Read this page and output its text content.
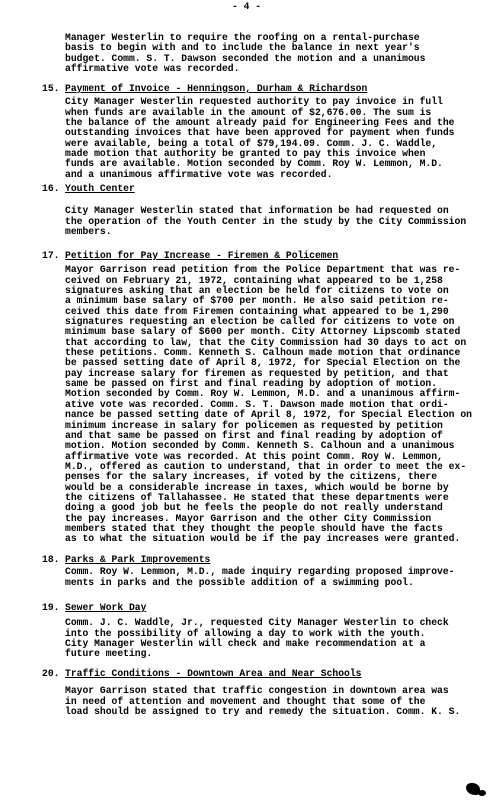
- 4 -
Manager Westerlin to require the roofing on a rental-purchase
basis to begin with and to include the balance in next year's
budget. Comm. S. T. Dawson seconded the motion and a unanimous
affirmative vote was recorded.
15. Payment of Invoice - Henningson, Durham & Richardson
City Manager Westerlin requested authority to pay invoice in full
when funds are available in the amount of $2,676.00. The sum is
the balance of the amount already paid for Engineering Fees and the
outstanding invoices that have been approved for payment when funds
were available, being a total of $79,194.09. Comm. J. C. Waddle,
made motion that authority be granted to pay this invoice when
funds are available. Motion seconded by Comm. Roy W. Lemmon, M.D.
and a unanimous affirmative vote was recorded.
16. Youth Center
City Manager Westerlin stated that information be had requested on
the operation of the Youth Center in the study by the City Commission
members.
17. Petition for Pay Increase - Firemen & Policemen
Mayor Garrison read petition from the Police Department that was re-
ceived on February 21, 1972, containing what appeared to be 1,258
signatures asking that an election be held for citizens to vote on
a minimum base salary of $700 per month. He also said petition re-
ceived this date from Firemen containing what appeared to be 1,290
signatures requesting an election be called for citizens to vote on
minimum base salary of $600 per month. City Attorney Lipscomb stated
that according to law, that the City Commission had 30 days to act on
these petitions. Comm. Kenneth S. Calhoun made motion that ordinance
be passed setting date of April 8, 1972, for Special Election on the
pay increase salary for firemen as requested by petition, and that
same be passed on first and final reading by adoption of motion.
Motion seconded by Comm. Roy W. Lemmon, M.D. and a unanimous affirm-
ative vote was recorded. Comm. S. T. Dawson made motion that ordi-
nance be passed setting date of April 8, 1972, for Special Election on
minimum increase in salary for policemen as requested by petition
and that same be passed on first and final reading by adoption of
motion. Motion seconded by Comm. Kenneth S. Calhoun and a unanimous
affirmative vote was recorded. At this point Comm. Roy W. Lemmon,
M.D., offered as caution to understand, that in order to meet the ex-
penses for the salary increases, if voted by the citizens, there
would be a considerable increase in taxes, which would be borne by
the citizens of Tallahassee. He stated that these departments were
doing a good job but he feels the people do not really understand
the pay increases. Mayor Garrison and the other City Commission
members stated that they thought the people should have the facts
as to what the situation would be if the pay increases were granted.
18. Parks & Park Improvements
Comm. Roy W. Lemmon, M.D., made inquiry regarding proposed improve-
ments in parks and the possible addition of a swimming pool.
19. Sewer Work Day
Comm. J. C. Waddle, Jr., requested City Manager Westerlin to check
into the possibility of allowing a day to work with the youth.
City Manager Westerlin will check and make recommendation at a
future meeting.
20. Traffic Conditions - Downtown Area and Near Schools
Mayor Garrison stated that traffic congestion in downtown area was
in need of attention and movement and thought that some of the
load should be assigned to try and remedy the situation. Comm. K. S.
